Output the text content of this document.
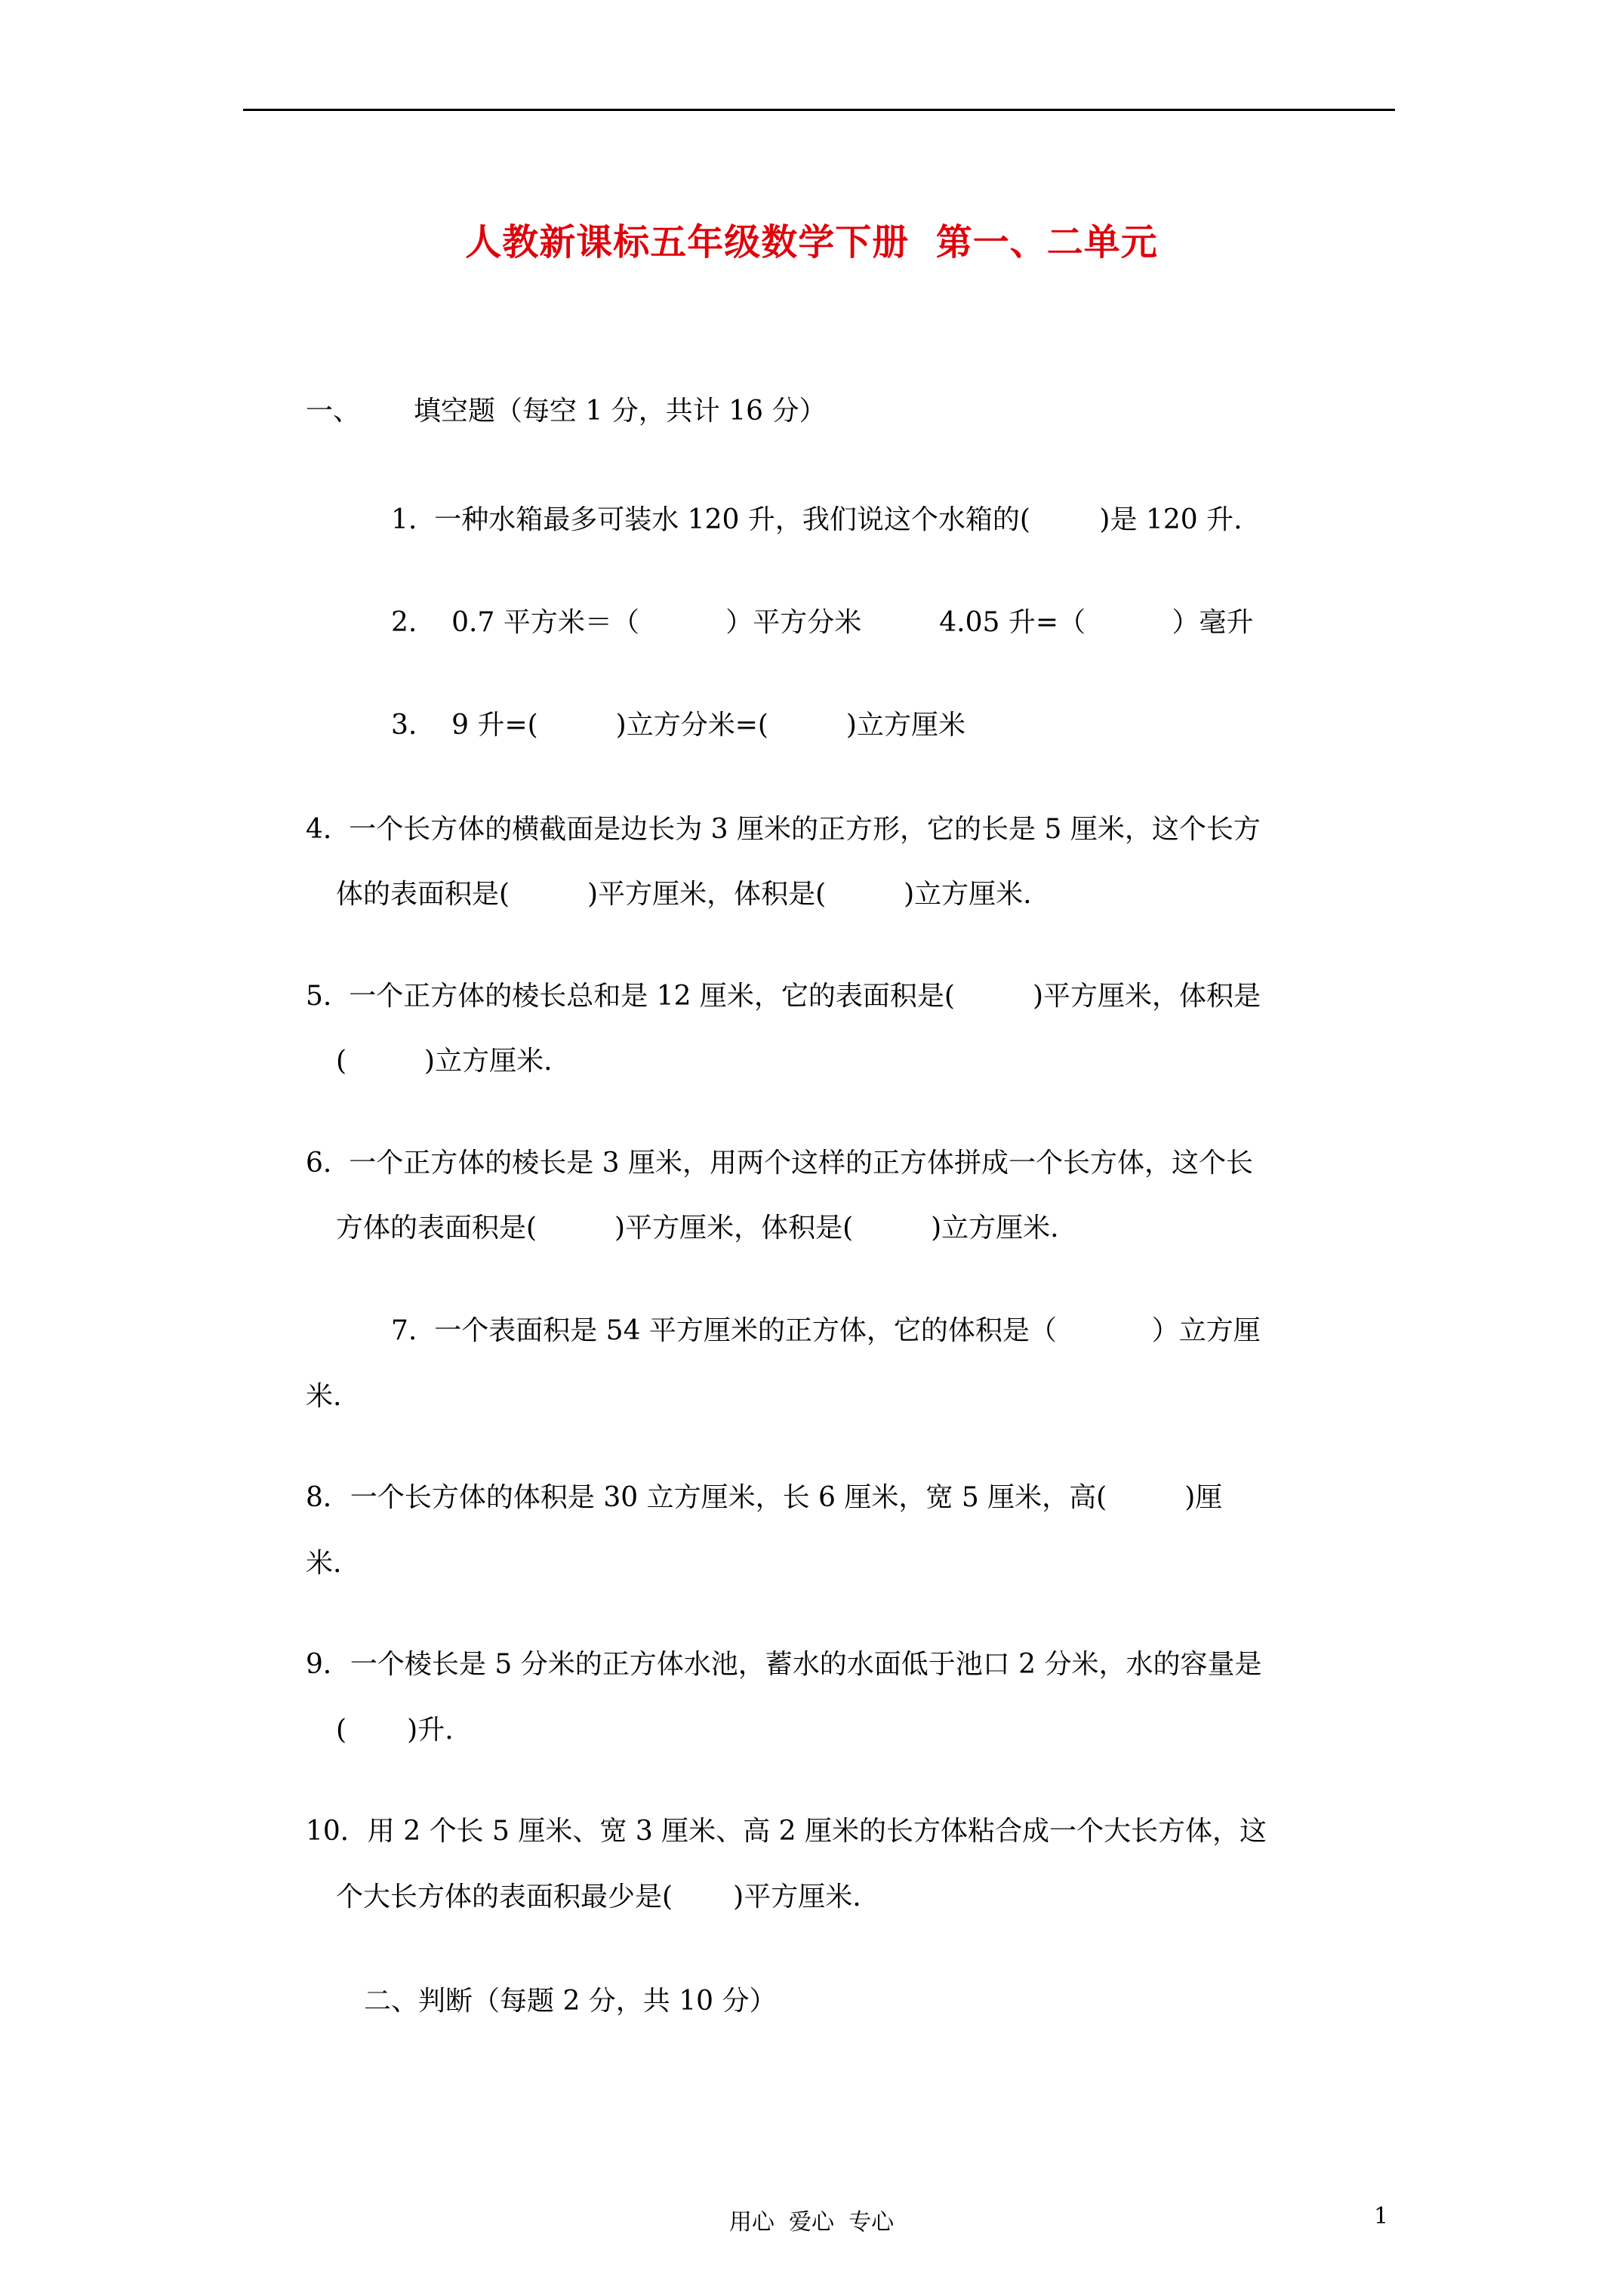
人教新课标五年级数学下册  第一、二单元
一、 填空题（每空 1 分，共计 16 分）
1.  一种水箱最多可装水 120 升，我们说这个水箱的(        )是 120 升.
2.    0.7 平方米＝（          ）平方分米         4.05 升=（          ）毫升
3.    9 升=(         )立方分米=(         )立方厘米
4.  一个长方体的横截面是边长为 3 厘米的正方形，它的长是 5 厘米，这个长方
体的表面积是(         )平方厘米，体积是(         )立方厘米.
5.  一个正方体的棱长总和是 12 厘米，它的表面积是(         )平方厘米，体积是
(         )立方厘米.
6.  一个正方体的棱长是 3 厘米，用两个这样的正方体拼成一个长方体，这个长
方体的表面积是(         )平方厘米，体积是(         )立方厘米.
7.  一个表面积是 54 平方厘米的正方体，它的体积是（           ）立方厘
米.
8．一个长方体的体积是 30 立方厘米，长 6 厘米，宽 5 厘米，高(         )厘
米.
9．一个棱长是 5 分米的正方体水池，蓄水的水面低于池口 2 分米，水的容量是
(       )升.
10．用 2 个长 5 厘米、宽 3 厘米、高 2 厘米的长方体粘合成一个大长方体，这
个大长方体的表面积最少是(       )平方厘米.
二、判断（每题 2 分，共 10 分）
用心  爱心  专心	1
